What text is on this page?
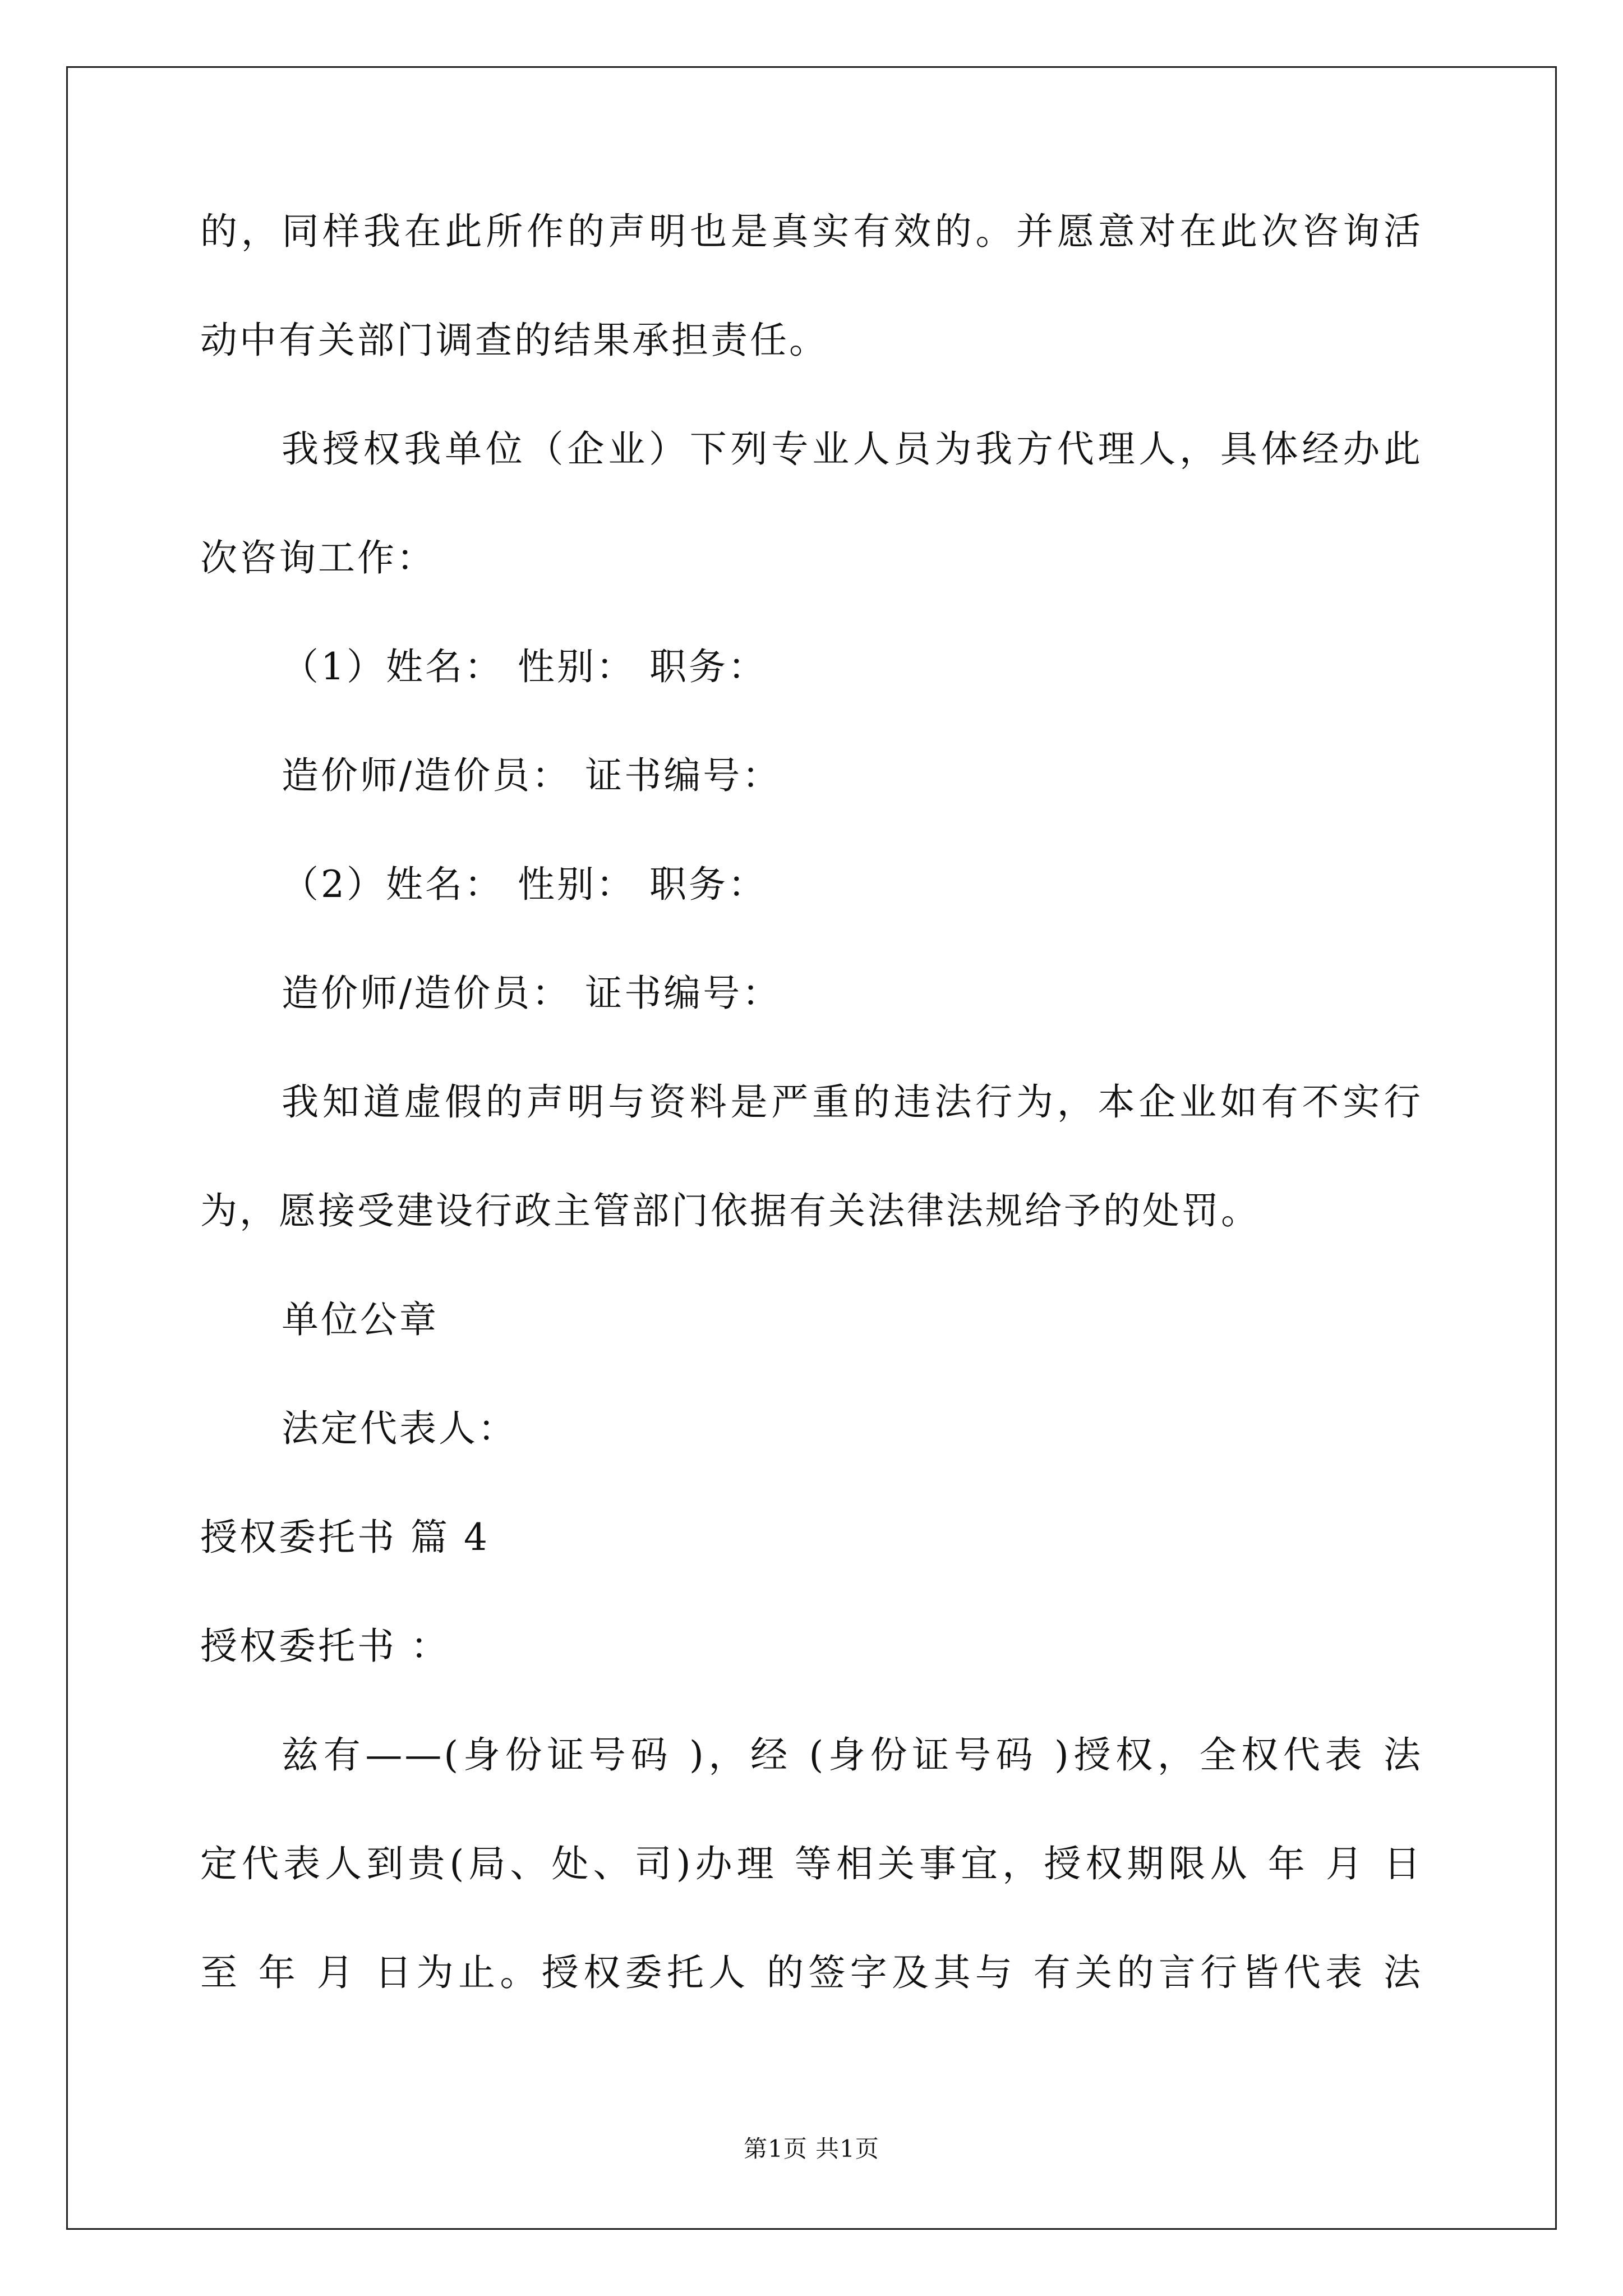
的，同样我在此所作的声明也是真实有效的。并愿意对在此次咨询活
动中有关部门调查的结果承担责任。
我授权我单位（企业）下列专业人员为我方代理人，具体经办此
次咨询工作：
（1）姓名： 性别： 职务：
造价师/造价员： 证书编号：
（2）姓名： 性别： 职务：
造价师/造价员： 证书编号：
我知道虚假的声明与资料是严重的违法行为，本企业如有不实行
为，愿接受建设行政主管部门依据有关法律法规给予的处罚。
单位公章
法定代表人：
授权委托书 篇 4
授权委托书 ：
兹有——(身份证号码 )，经 (身份证号码 )授权，全权代表 法
定代表人到贵(局、处、司)办理 等相关事宜，授权期限从 年 月 日
至 年 月 日为止。授权委托人 的签字及其与 有关的言行皆代表 法
第1页 共1页
